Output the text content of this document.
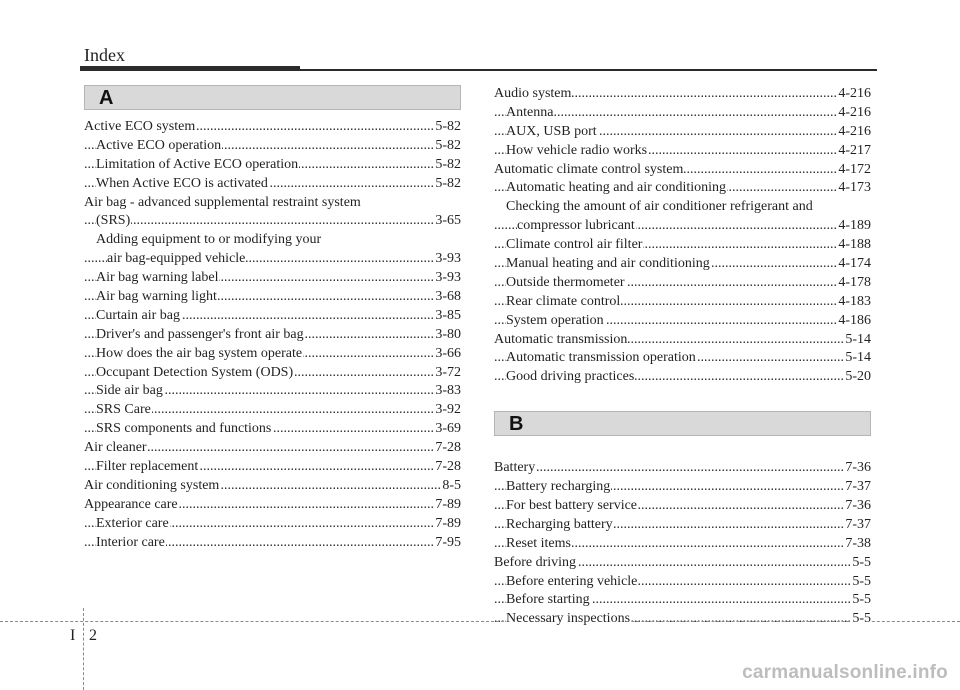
Index
A
Active ECO system	5-82
.....
Active ECO operation	5-82
.....
Limitation of Active ECO operation	5-82
.....
When Active ECO is activated	5-82
.....
Air bag - advanced supplemental restraint system
(SRS)	3-65
.....
Adding equipment to or modifying your
air bag-equipped vehicle	3-93
.....
Air bag warning label	3-93
.....
Air bag warning light	3-68
.....
Curtain air bag	3-85
.....
Driver's and passenger's front air bag	3-80
.....
How does the air bag system operate	3-66
.....
Occupant Detection System (ODS)	3-72
.....
Side air bag	3-83
.....
SRS Care	3-92
.....
SRS components and functions	3-69
.....
Air cleaner	7-28
.....
Filter replacement	7-28
.....
Air conditioning system	8-5
.....
Appearance care	7-89
.....
Exterior care	7-89
.....
Interior care	7-95
.....
Audio system	4-216
.....
Antenna	4-216
.....
AUX, USB port	4-216
.....
How vehicle radio works	4-217
.....
Automatic climate control system	4-172
.....
Automatic heating and air conditioning	4-173
.....
Checking the amount of air conditioner refrigerant and
compressor lubricant	4-189
.....
Climate control air filter	4-188
.....
Manual heating and air conditioning	4-174
.....
Outside thermometer	4-178
.....
Rear climate control	4-183
.....
System operation	4-186
.....
Automatic transmission	5-14
.....
Automatic transmission operation	5-14
.....
Good driving practices	5-20
.....
B
Battery	7-36
.....
Battery recharging	7-37
.....
For best battery service	7-36
.....
Recharging battery	7-37
.....
Reset items	7-38
.....
Before driving	5-5
.....
Before entering vehicle	5-5
.....
Before starting	5-5
.....
Necessary inspections	5-5
.....
I 2
carmanualsonline.info
